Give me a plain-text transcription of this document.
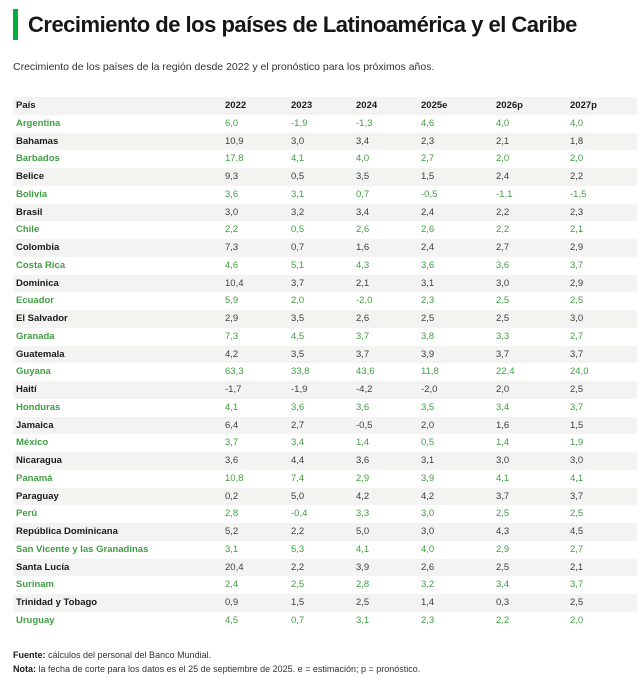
Crecimiento de los países de Latinoamérica y el Caribe
Crecimiento de los países de la región desde 2022 y el pronóstico para los próximos años.
País	2022	2023	2024	2025e	2026p	2027p
Argentina	6,0	-1,9	-1,3	4,6	4,0	4,0
Bahamas	10,9	3,0	3,4	2,3	2,1	1,8
Barbados	17,8	4,1	4,0	2,7	2,0	2,0
Belice	9,3	0,5	3,5	1,5	2,4	2,2
Bolivia	3,6	3,1	0,7	-0,5	-1,1	-1,5
Brasil	3,0	3,2	3,4	2,4	2,2	2,3
Chile	2,2	0,5	2,6	2,6	2,2	2,1
Colombia	7,3	0,7	1,6	2,4	2,7	2,9
Costa Rica	4,6	5,1	4,3	3,6	3,6	3,7
Dominica	10,4	3,7	2,1	3,1	3,0	2,9
Ecuador	5,9	2,0	-2,0	2,3	2,5	2,5
El Salvador	2,9	3,5	2,6	2,5	2,5	3,0
Granada	7,3	4,5	3,7	3,8	3,3	2,7
Guatemala	4,2	3,5	3,7	3,9	3,7	3,7
Guyana	63,3	33,8	43,6	11,8	22,4	24,0
Haití	-1,7	-1,9	-4,2	-2,0	2,0	2,5
Honduras	4,1	3,6	3,6	3,5	3,4	3,7
Jamaica	6,4	2,7	-0,5	2,0	1,6	1,5
México	3,7	3,4	1,4	0,5	1,4	1,9
Nicaragua	3,6	4,4	3,6	3,1	3,0	3,0
Panamá	10,8	7,4	2,9	3,9	4,1	4,1
Paraguay	0,2	5,0	4,2	4,2	3,7	3,7
Perú	2,8	-0,4	3,3	3,0	2,5	2,5
República Dominicana	5,2	2,2	5,0	3,0	4,3	4,5
San Vicente y las Granadinas	3,1	5,3	4,1	4,0	2,9	2,7
Santa Lucía	20,4	2,2	3,9	2,6	2,5	2,1
Surinam	2,4	2,5	2,8	3,2	3,4	3,7
Trinidad y Tobago	0,9	1,5	2,5	1,4	0,3	2,5
Uruguay	4,5	0,7	3,1	2,3	2,2	2,0
Fuente: cálculos del personal del Banco Mundial.
Nota: la fecha de corte para los datos es el 25 de septiembre de 2025. e = estimación; p = pronóstico.
